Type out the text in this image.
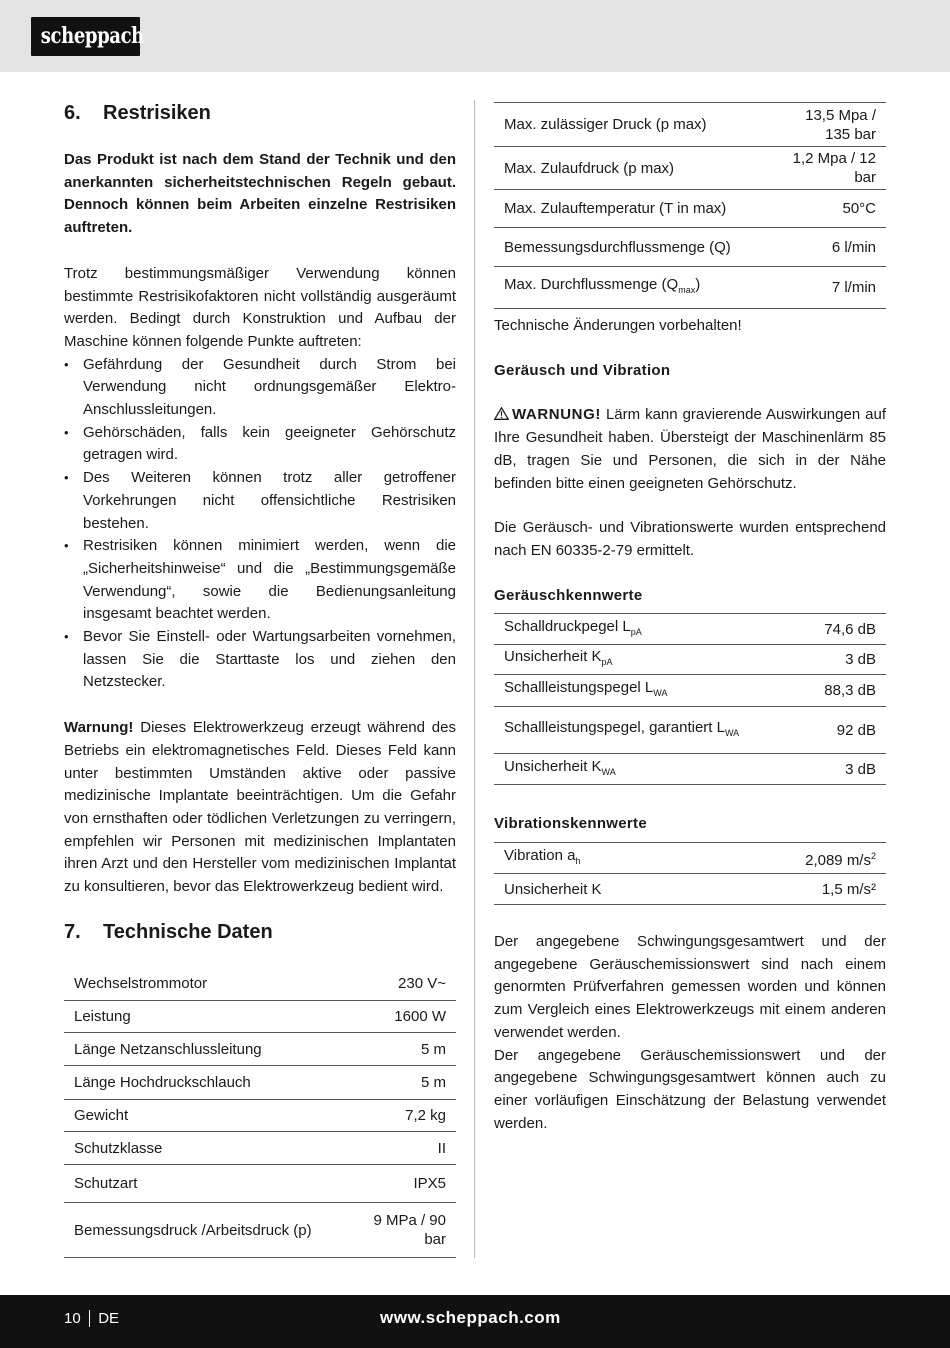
scheppach
6.	Restrisiken

Das Produkt ist nach dem Stand der Technik und den anerkannten sicherheitstechnischen Regeln gebaut. Dennoch können beim Arbeiten einzelne Restrisiken auftreten.

Trotz bestimmungsmäßiger Verwendung können bestimmte Restrisikofaktoren nicht vollständig ausgeräumt werden. Bedingt durch Konstruktion und Aufbau der Maschine können folgende Punkte auftreten:

• Gefährdung der Gesundheit durch Strom bei Verwendung nicht ordnungsgemäßer Elektro-Anschlussleitungen.
• Gehörschäden, falls kein geeigneter Gehörschutz getragen wird.
• Des Weiteren können trotz aller getroffener Vorkehrungen nicht offensichtliche Restrisiken bestehen.
• Restrisiken können minimiert werden, wenn die „Sicherheitshinweise“ und die „Bestimmungsgemäße Verwendung“, sowie die Bedienungsanleitung insgesamt beachtet werden.
• Bevor Sie Einstell- oder Wartungsarbeiten vornehmen, lassen Sie die Starttaste los und ziehen den Netzstecker.

Warnung! Dieses Elektrowerkzeug erzeugt während des Betriebs ein elektromagnetisches Feld. Dieses Feld kann unter bestimmten Umständen aktive oder passive medizinische Implantate beeinträchtigen. Um die Gefahr von ernsthaften oder tödlichen Verletzungen zu verringern, empfehlen wir Personen mit medizinischen Implantaten ihren Arzt und den Hersteller vom medizinischen Implantat zu konsultieren, bevor das Elektrowerkzeug bedient wird.

7.	Technische Daten
Wechselstrommotor	230 V~
Leistung	1600 W
Länge Netzanschlussleitung	5 m
Länge Hochdruckschlauch	5 m
Gewicht	7,2 kg
Schutzklasse	II
Schutzart	IPX5
Bemessungsdruck /Arbeitsdruck (p)	9 MPa / 90 bar
Max. zulässiger Druck (p max)	13,5 Mpa / 135 bar
Max. Zulaufdruck (p max)	1,2 Mpa / 12 bar
Max. Zulauftemperatur (T in max)	50°C
Bemessungsdurchflussmenge (Q)	6 l/min
Max. Durchflussmenge $(Q_{max})$	7 l/min

Technische Änderungen vorbehalten!

Geräusch und Vibration

WARNUNG! Lärm kann gravierende Auswirkungen auf Ihre Gesundheit haben. Übersteigt der Maschinenlärm 85 dB, tragen Sie und Personen, die sich in der Nähe befinden bitte einen geeigneten Gehörschutz.

Die Geräusch- und Vibrationswerte wurden entsprechend nach EN 60335-2-79 ermittelt.

Geräuschkennwerte
Schalldruckpegel $L_{pA}$	74,6 dB
Unsicherheit $K_{pA}$	3 dB
Schallleistungspegel $L_{WA}$	88,3 dB
Schallleistungspegel, garantiert $L_{WA}$	92 dB
Unsicherheit $K_{WA}$	3 dB
Vibrationskennwerte
Vibration $a_h$	2,089 $m/s^2$
Unsicherheit K	1,5 m/s²

Der angegebene Schwingungsgesamtwert und der angegebene Geräuschemissionswert sind nach einem genormten Prüfverfahren gemessen worden und können zum Vergleich eines Elektrowerkzeugs mit einem anderen verwendet werden.

Der angegebene Geräuschemissionswert und der angegebene Schwingungsgesamtwert können auch zu einer vorläufigen Einschätzung der Belastung verwendet werden.

10 DE	www.scheppach.com
